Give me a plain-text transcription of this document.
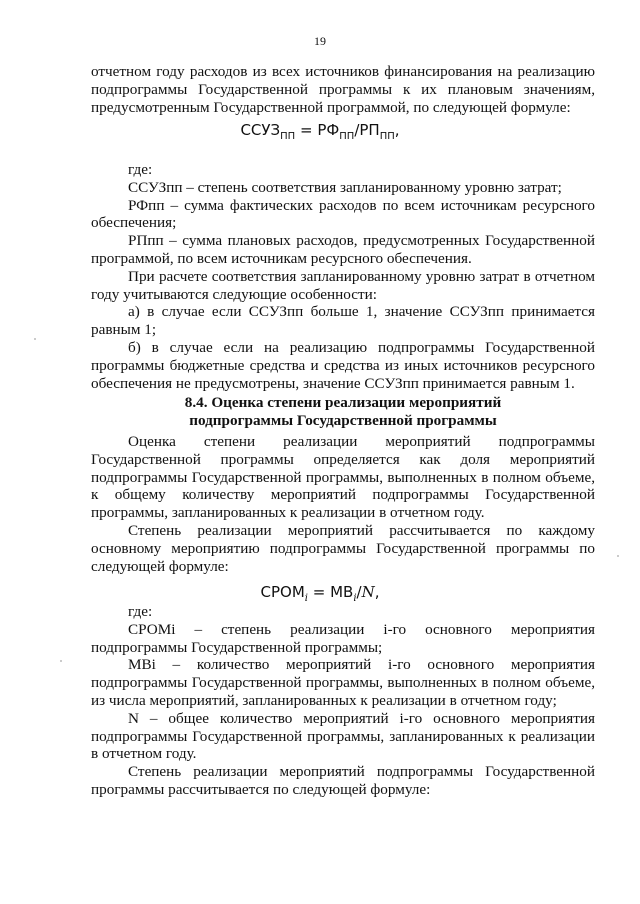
19

отчетном году расходов из всех источников финансирования на реализацию

подпрограммы Государственной программы к их плановым значениям,

предусмотренным Государственной программой, по следующей формуле:

$ССУЗ_{ПП} = РФ_{ПП}/РП_{ПП}$,

где:

ССУЗпп – степень соответствия запланированному уровню затрат;

РФпп – сумма фактических расходов по всем источникам ресурсного обеспечения;

РПпп – сумма плановых расходов, предусмотренных Государственной программой, по всем источникам ресурсного обеспечения.

При расчете соответствия запланированному уровню затрат в отчетном году учитываются следующие особенности:

а) в случае если ССУЗпп больше 1, значение ССУЗпп принимается равным 1;

б) в случае если на реализацию подпрограммы Государственной программы бюджетные средства и средства из иных источников ресурсного обеспечения не предусмотрены, значение ССУЗпп принимается равным 1.

8.4. Оценка степени реализации мероприятий

подпрограммы Государственной программы

Оценка степени реализации мероприятий подпрограммы Государственной программы определяется как доля мероприятий подпрограммы Государственной программы, выполненных в полном объеме, к общему количеству мероприятий подпрограммы Государственной программы, запланированных к реализации в отчетном году.

Степень реализации мероприятий рассчитывается по каждому основному мероприятию подпрограммы Государственной программы по следующей формуле:

$СРОМ_i = МВ_i/N$,

где:

СРОМi – степень реализации i-го основного мероприятия подпрограммы Государственной программы;

МВi – количество мероприятий i-го основного мероприятия подпрограммы Государственной программы, выполненных в полном объеме, из числа мероприятий, запланированных к реализации в отчетном году;

N – общее количество мероприятий i-го основного мероприятия подпрограммы Государственной программы, запланированных к реализации в отчетном году.

Степень реализации мероприятий подпрограммы Государственной программы рассчитывается по следующей формуле:
